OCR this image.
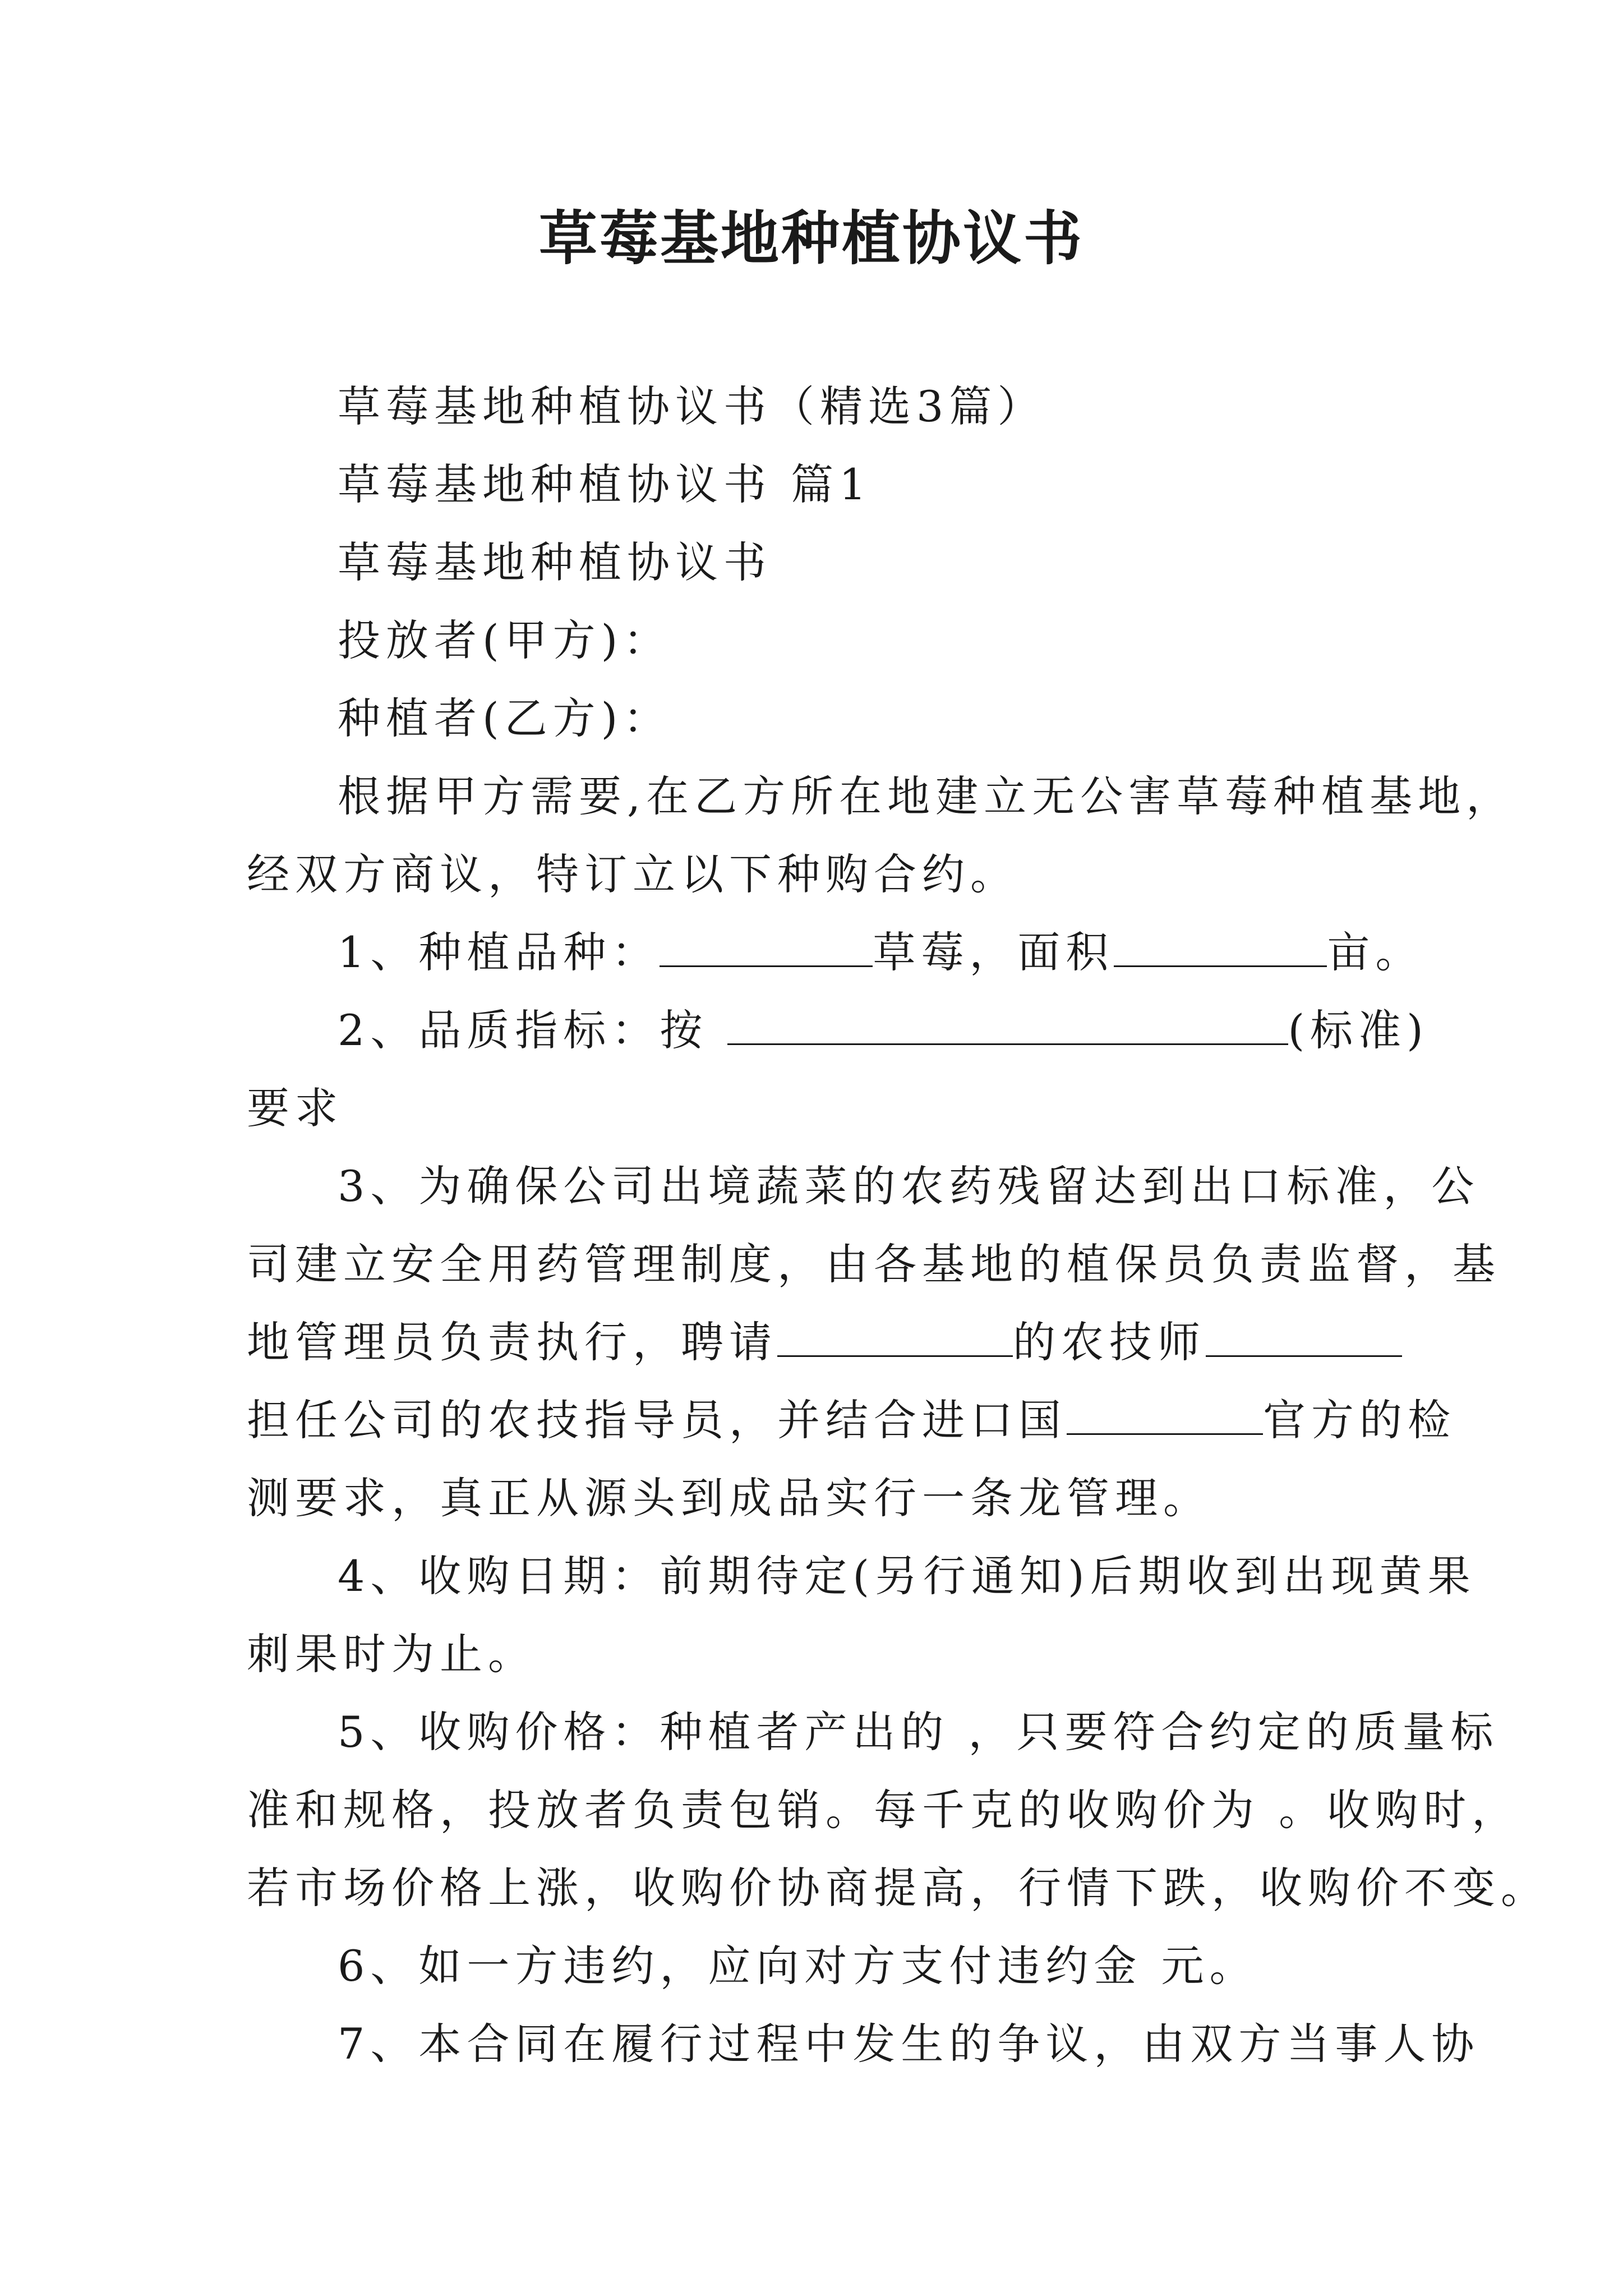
草莓基地种植协议书
草莓基地种植协议书（精选3篇）
草莓基地种植协议书 篇1
草莓基地种植协议书
投放者(甲方)：
种植者(乙方)：
根据甲方需要,在乙方所在地建立无公害草莓种植基地，
经双方商议，特订立以下种购合约。
1、种植品种：	草莓，面积	亩。
2、品质指标：按	(标准)
要求
3、为确保公司出境蔬菜的农药残留达到出口标准，公
司建立安全用药管理制度，由各基地的植保员负责监督，基
地管理员负责执行，聘请	的农技师
担任公司的农技指导员，并结合进口国	官方的检
测要求，真正从源头到成品实行一条龙管理。
4、收购日期：前期待定(另行通知)后期收到出现黄果
刺果时为止。
5、收购价格：种植者产出的 ，只要符合约定的质量标
准和规格，投放者负责包销。每千克的收购价为 。收购时，
若市场价格上涨，收购价协商提高，行情下跌，收购价不变。
6、如一方违约，应向对方支付违约金 元。
7、本合同在履行过程中发生的争议，由双方当事人协
